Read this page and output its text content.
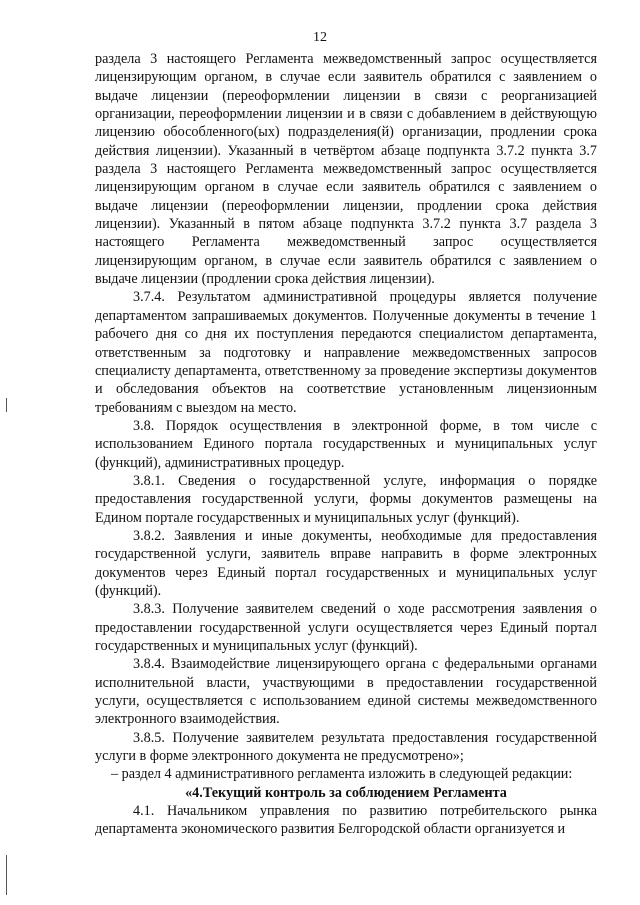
12

раздела 3 настоящего Регламента межведомственный запрос осуществляется лицензирующим органом, в случае если заявитель обратился с заявлением о выдаче лицензии (переоформлении лицензии в связи с реорганизацией организации, переоформлении лицензии и в связи с добавлением в действующую лицензию обособленного(ых) подразделения(й) организации, продлении срока действия лицензии). Указанный в четвёртом абзаце подпункта 3.7.2 пункта 3.7 раздела 3 настоящего Регламента межведомственный запрос осуществляется лицензирующим органом в случае если заявитель обратился с заявлением о выдаче лицензии (переоформлении лицензии, продлении срока действия лицензии). Указанный в пятом абзаце подпункта 3.7.2 пункта 3.7 раздела 3 настоящего Регламента межведомственный запрос осуществляется лицензирующим органом, в случае если заявитель обратился с заявлением о выдаче лицензии (продлении срока действия лицензии).

3.7.4. Результатом административной процедуры является получение департаментом запрашиваемых документов. Полученные документы в течение 1 рабочего дня со дня их поступления передаются специалистом департамента, ответственным за подготовку и направление межведомственных запросов специалисту департамента, ответственному за проведение экспертизы документов и обследования объектов на соответствие установленным лицензионным требованиям с выездом на место.

3.8. Порядок осуществления в электронной форме, в том числе с использованием Единого портала государственных и муниципальных услуг (функций), административных процедур.

3.8.1. Сведения о государственной услуге, информация о порядке предоставления государственной услуги, формы документов размещены на Едином портале государственных и муниципальных услуг (функций).

3.8.2. Заявления и иные документы, необходимые для предоставления государственной услуги, заявитель вправе направить в форме электронных документов через Единый портал государственных и муниципальных услуг (функций).

3.8.3. Получение заявителем сведений о ходе рассмотрения заявления о предоставлении государственной услуги осуществляется через Единый портал государственных и муниципальных услуг (функций).

3.8.4. Взаимодействие лицензирующего органа с федеральными органами исполнительной власти, участвующими в предоставлении государственной услуги, осуществляется с использованием единой системы межведомственного электронного взаимодействия.

3.8.5. Получение заявителем результата предоставления государственной услуги в форме электронного документа не предусмотрено»;

– раздел 4 административного регламента изложить в следующей редакции:

«4.Текущий контроль за соблюдением Регламента

4.1. Начальником управления по развитию потребительского рынка департамента экономического развития Белгородской области организуется и
